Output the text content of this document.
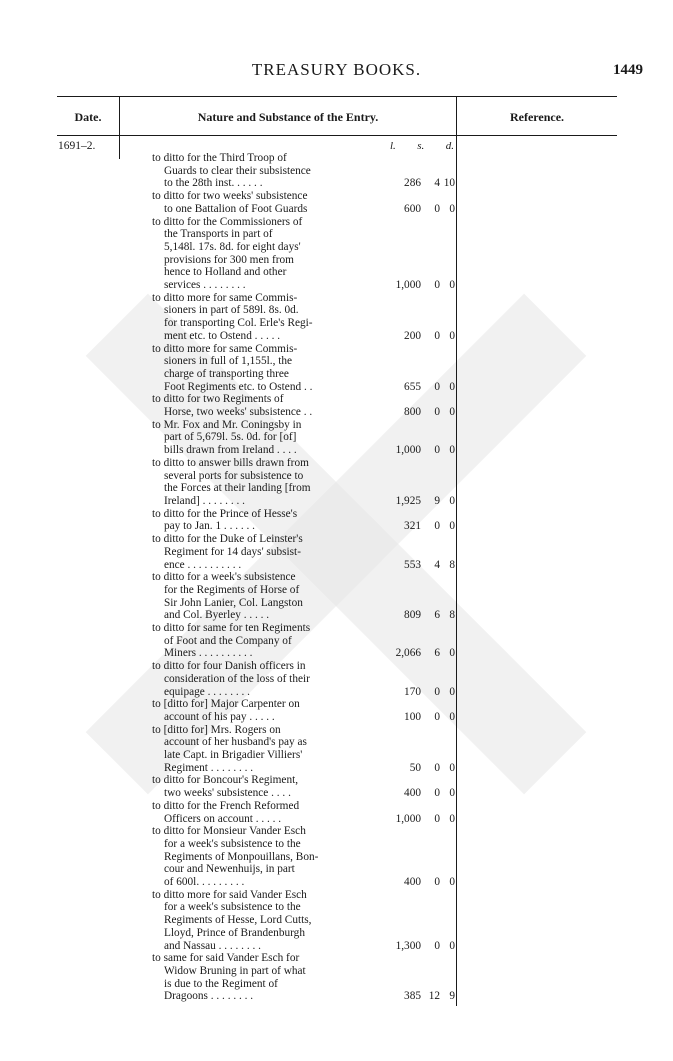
TREASURY BOOKS.	1449
Date.	Nature and Substance of the Entry.	Reference.
1691–2.	l. s. d.
to ditto for the Third Troop of
Guards to clear their subsistence
to the 28th inst. . . . . .	286	4 10
to ditto for two weeks' subsistence
to one Battalion of Foot Guards	600	0 0
to ditto for the Commissioners of
the Transports in part of
5,148l. 17s. 8d. for eight days'
provisions for 300 men from
hence to Holland and other
services . . . . . . . .	1,000	0 0
to ditto more for same Commis-
sioners in part of 589l. 8s. 0d.
for transporting Col. Erle's Regi-
ment etc. to Ostend . . . . .	200	0 0
to ditto more for same Commis-
sioners in full of 1,155l., the
charge of transporting three
Foot Regiments etc. to Ostend . .	655	0 0
to ditto for two Regiments of
Horse, two weeks' subsistence . .	800	0 0
to Mr. Fox and Mr. Coningsby in
part of 5,679l. 5s. 0d. for [of]
bills drawn from Ireland . . . .	1,000	0 0
to ditto to answer bills drawn from
several ports for subsistence to
the Forces at their landing [from
Ireland] . . . . . . . .	1,925	9 0
to ditto for the Prince of Hesse's
pay to Jan. 1 . . . . . .	321	0 0
to ditto for the Duke of Leinster's
Regiment for 14 days' subsist-
ence . . . . . . . . . .	553	4 8
to ditto for a week's subsistence
for the Regiments of Horse of
Sir John Lanier, Col. Langston
and Col. Byerley . . . . .	809	6 8
to ditto for same for ten Regiments
of Foot and the Company of
Miners . . . . . . . . . .	2,066	6 0
to ditto for four Danish officers in
consideration of the loss of their
equipage . . . . . . . .	170	0 0
to [ditto for] Major Carpenter on
account of his pay . . . . .	100	0 0
to [ditto for] Mrs. Rogers on
account of her husband's pay as
late Capt. in Brigadier Villiers'
Regiment . . . . . . . .	50	0 0
to ditto for Boncour's Regiment,
two weeks' subsistence . . . .	400	0 0
to ditto for the French Reformed
Officers on account . . . . .	1,000	0 0
to ditto for Monsieur Vander Esch
for a week's subsistence to the
Regiments of Monpouillans, Bon-
cour and Newenhuijs, in part
of 600l. . . . . . . . .	400	0 0
to ditto more for said Vander Esch
for a week's subsistence to the
Regiments of Hesse, Lord Cutts,
Lloyd, Prince of Brandenburgh
and Nassau . . . . . . . .	1,300	0 0
to same for said Vander Esch for
Widow Bruning in part of what
is due to the Regiment of
Dragoons . . . . . . . .	385 12 9
